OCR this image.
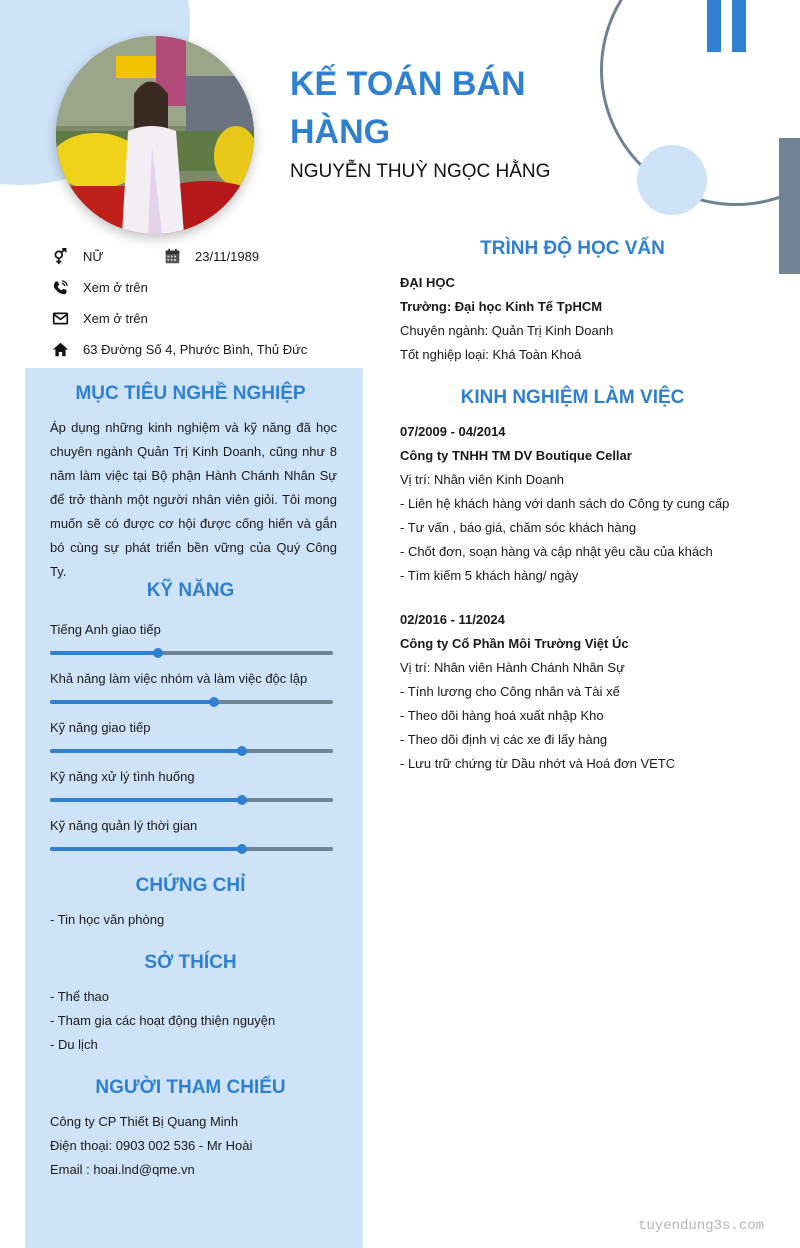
KẾ TOÁN BÁN HÀNG
NGUYỄN THUỲ NGỌC HẰNG
NỮ	23/11/1989
Xem ở trên
Xem ở trên
63 Đường Số 4, Phước Bình, Thủ Đức
MỤC TIÊU NGHỀ NGHIỆP
Áp dụng những kinh nghiệm và kỹ năng đã học chuyên ngành Quản Trị Kinh Doanh, cũng như 8 năm làm việc tại Bộ phận Hành Chánh Nhân Sự để trở thành một người nhân viên giỏi. Tôi mong muốn sẽ có được cơ hội được cống hiến và gắn bó cùng sự phát triển bền vững của Quý Công Ty.
KỸ NĂNG
Tiếng Anh giao tiếp
Khả năng làm việc nhóm và làm việc độc lập
Kỹ năng giao tiếp
Kỹ năng xử lý tình huống
Kỹ năng quản lý thời gian
CHỨNG CHỈ
- Tin học văn phòng
SỞ THÍCH
- Thể thao
- Tham gia các hoạt động thiện nguyện
- Du lịch
NGƯỜI THAM CHIẾU
Công ty CP Thiết Bị Quang Minh
Điện thoại: 0903 002 536 - Mr Hoài
Email : hoai.lnd@qme.vn
TRÌNH ĐỘ HỌC VẤN
ĐẠI HỌC
Trường: Đại học Kinh Tế TpHCM
Chuyên ngành: Quản Trị Kinh Doanh
Tốt nghiệp loại: Khá Toàn Khoá
KINH NGHIỆM LÀM VIỆC
07/2009 - 04/2014
Công ty TNHH TM DV Boutique Cellar
Vị trí: Nhân viên Kinh Doanh
- Liên hệ khách hàng với danh sách do Công ty cung cấp
- Tư vấn , báo giá, chăm sóc khách hàng
- Chốt đơn, soạn hàng và cập nhật yêu cầu của khách
- Tìm kiếm 5 khách hàng/ ngày
02/2016 - 11/2024
Công ty Cổ Phần Môi Trường Việt Úc
Vị trí: Nhân viên Hành Chánh Nhân Sự
- Tính lương cho Công nhân và Tài xế
- Theo dõi hàng hoá xuất nhập Kho
- Theo dõi định vị các xe đi lấy hàng
- Lưu trữ chứng từ Dầu nhớt và Hoá đơn VETC
tuyendung3s.com
